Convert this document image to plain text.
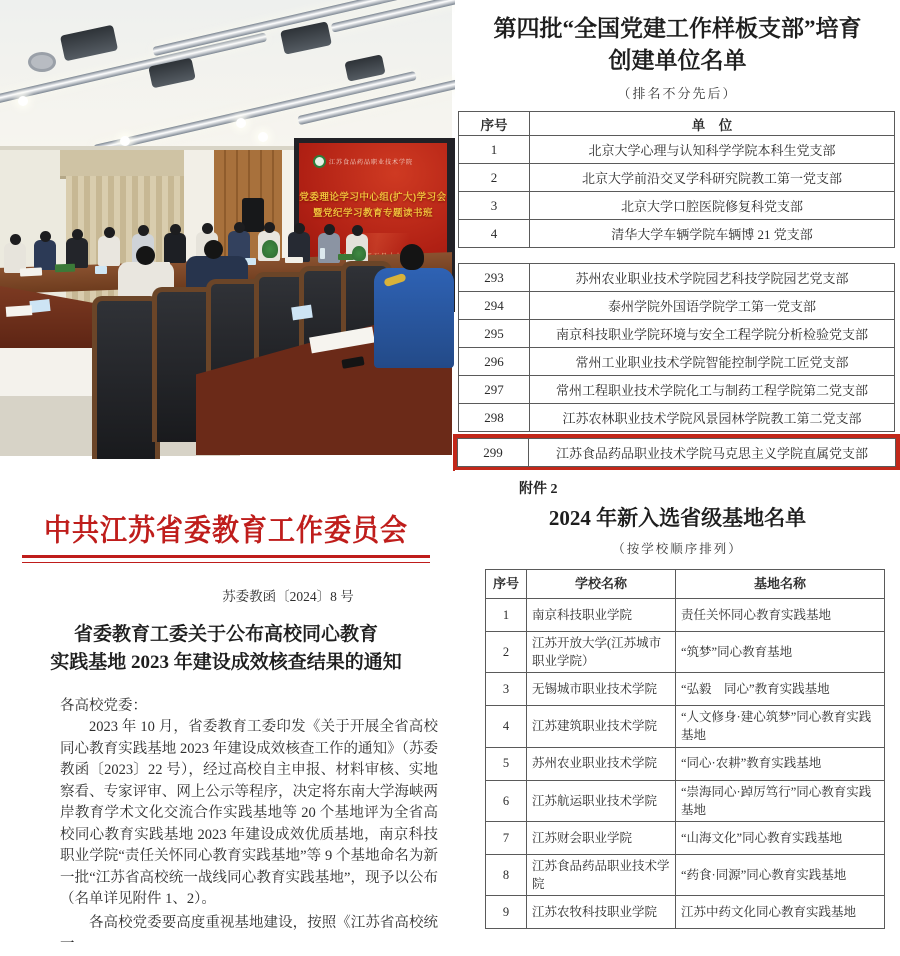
江苏食品药品职业技术学院
党委理论学习中心组(扩大)学习会
暨党纪学习教育专题读书班
第四批“全国党建工作样板支部”培育
创建单位名单
（排名不分先后）
序号	单　位
1	北京大学心理与认知科学学院本科生党支部
2	北京大学前沿交叉学科研究院教工第一党支部
3	北京大学口腔医院修复科党支部
4	清华大学车辆学院车辆博 21 党支部
293	苏州农业职业技术学院园艺科技学院园艺党支部
294	泰州学院外国语学院学工第一党支部
295	南京科技职业学院环境与安全工程学院分析检验党支部
296	常州工业职业技术学院智能控制学院工匠党支部
297	常州工程职业技术学院化工与制药工程学院第二党支部
298	江苏农林职业技术学院风景园林学院教工第二党支部
299	江苏食品药品职业技术学院马克思主义学院直属党支部
中共江苏省委教育工作委员会
苏委教函〔2024〕8 号
省委教育工委关于公布高校同心教育
实践基地 2023 年建设成效核查结果的通知
各高校党委：
2023 年 10 月，省委教育工委印发《关于开展全省高校同心教育实践基地 2023 年建设成效核查工作的通知》（苏委教函〔2023〕22 号），经过高校自主申报、材料审核、实地察看、专家评审、网上公示等程序，决定将东南大学海峡两岸教育学术文化交流合作实践基地等 20 个基地评为全省高校同心教育实践基地 2023 年建设成效优质基地，南京科技职业学院“责任关怀同心教育实践基地”等 9 个基地命名为新一批“江苏省高校统一战线同心教育实践基地”，现予以公布（名单详见附件 1、2）。
各高校党委要高度重视基地建设，按照《江苏省高校统一
附件 2
2024 年新入选省级基地名单
（按学校顺序排列）
序号	学校名称	基地名称
1	南京科技职业学院	责任关怀同心教育实践基地
2	江苏开放大学(江苏城市职业学院）	“筑梦”同心教育基地
3	无锡城市职业技术学院	“弘毅　同心”教育实践基地
4	江苏建筑职业技术学院	“人文修身·建心筑梦”同心教育实践基地
5	苏州农业职业技术学院	“同心·农耕”教育实践基地
6	江苏航运职业技术学院	“崇海同心·踔厉笃行”同心教育实践基地
7	江苏财会职业学院	“山海文化”同心教育实践基地
8	江苏食品药品职业技术学院	“药食·同源”同心教育实践基地
9	江苏农牧科技职业学院	江苏中药文化同心教育实践基地
